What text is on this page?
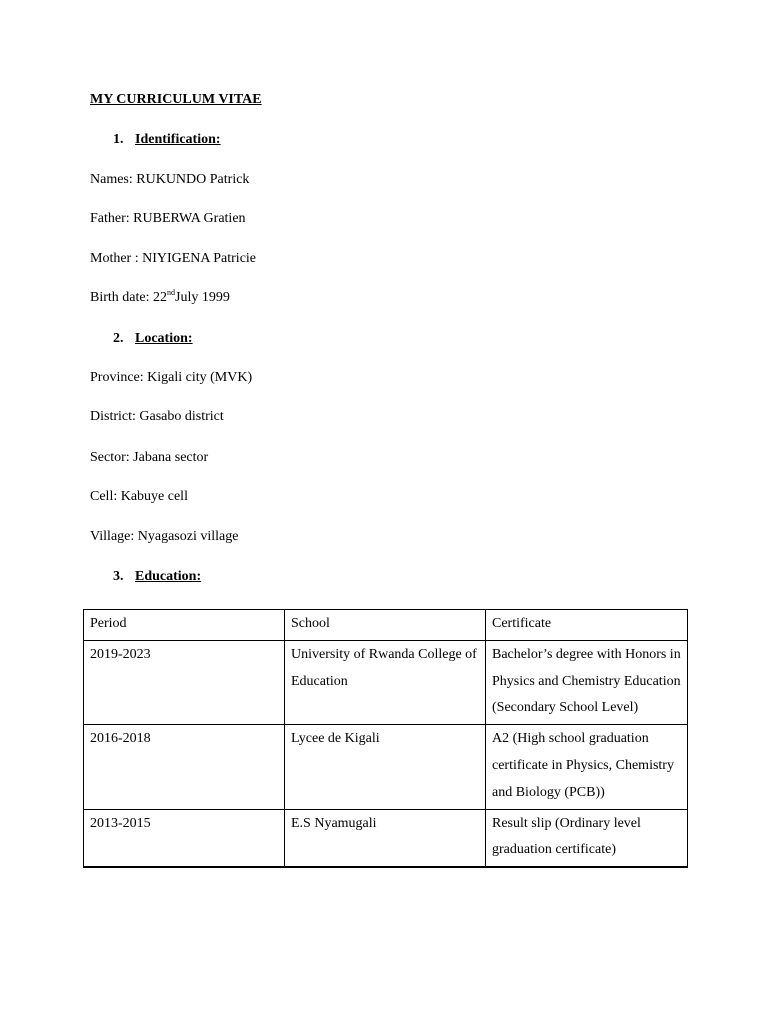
MY CURRICULUM VITAE
1. Identification:
Names: RUKUNDO Patrick
Father: RUBERWA Gratien
Mother : NIYIGENA Patricie
Birth date: 22ndJuly 1999
2. Location:
Province: Kigali city (MVK)
District: Gasabo district
Sector: Jabana sector
Cell: Kabuye cell
Village: Nyagasozi village
3. Education:
Period	School	Certificate
2019-2023	University of Rwanda College of Education	Bachelor’s degree with Honors in Physics and Chemistry Education (Secondary School Level)
2016-2018	Lycee de Kigali	A2 (High school graduation certificate in Physics, Chemistry and Biology (PCB))
2013-2015	E.S Nyamugali	Result slip (Ordinary level graduation certificate)
